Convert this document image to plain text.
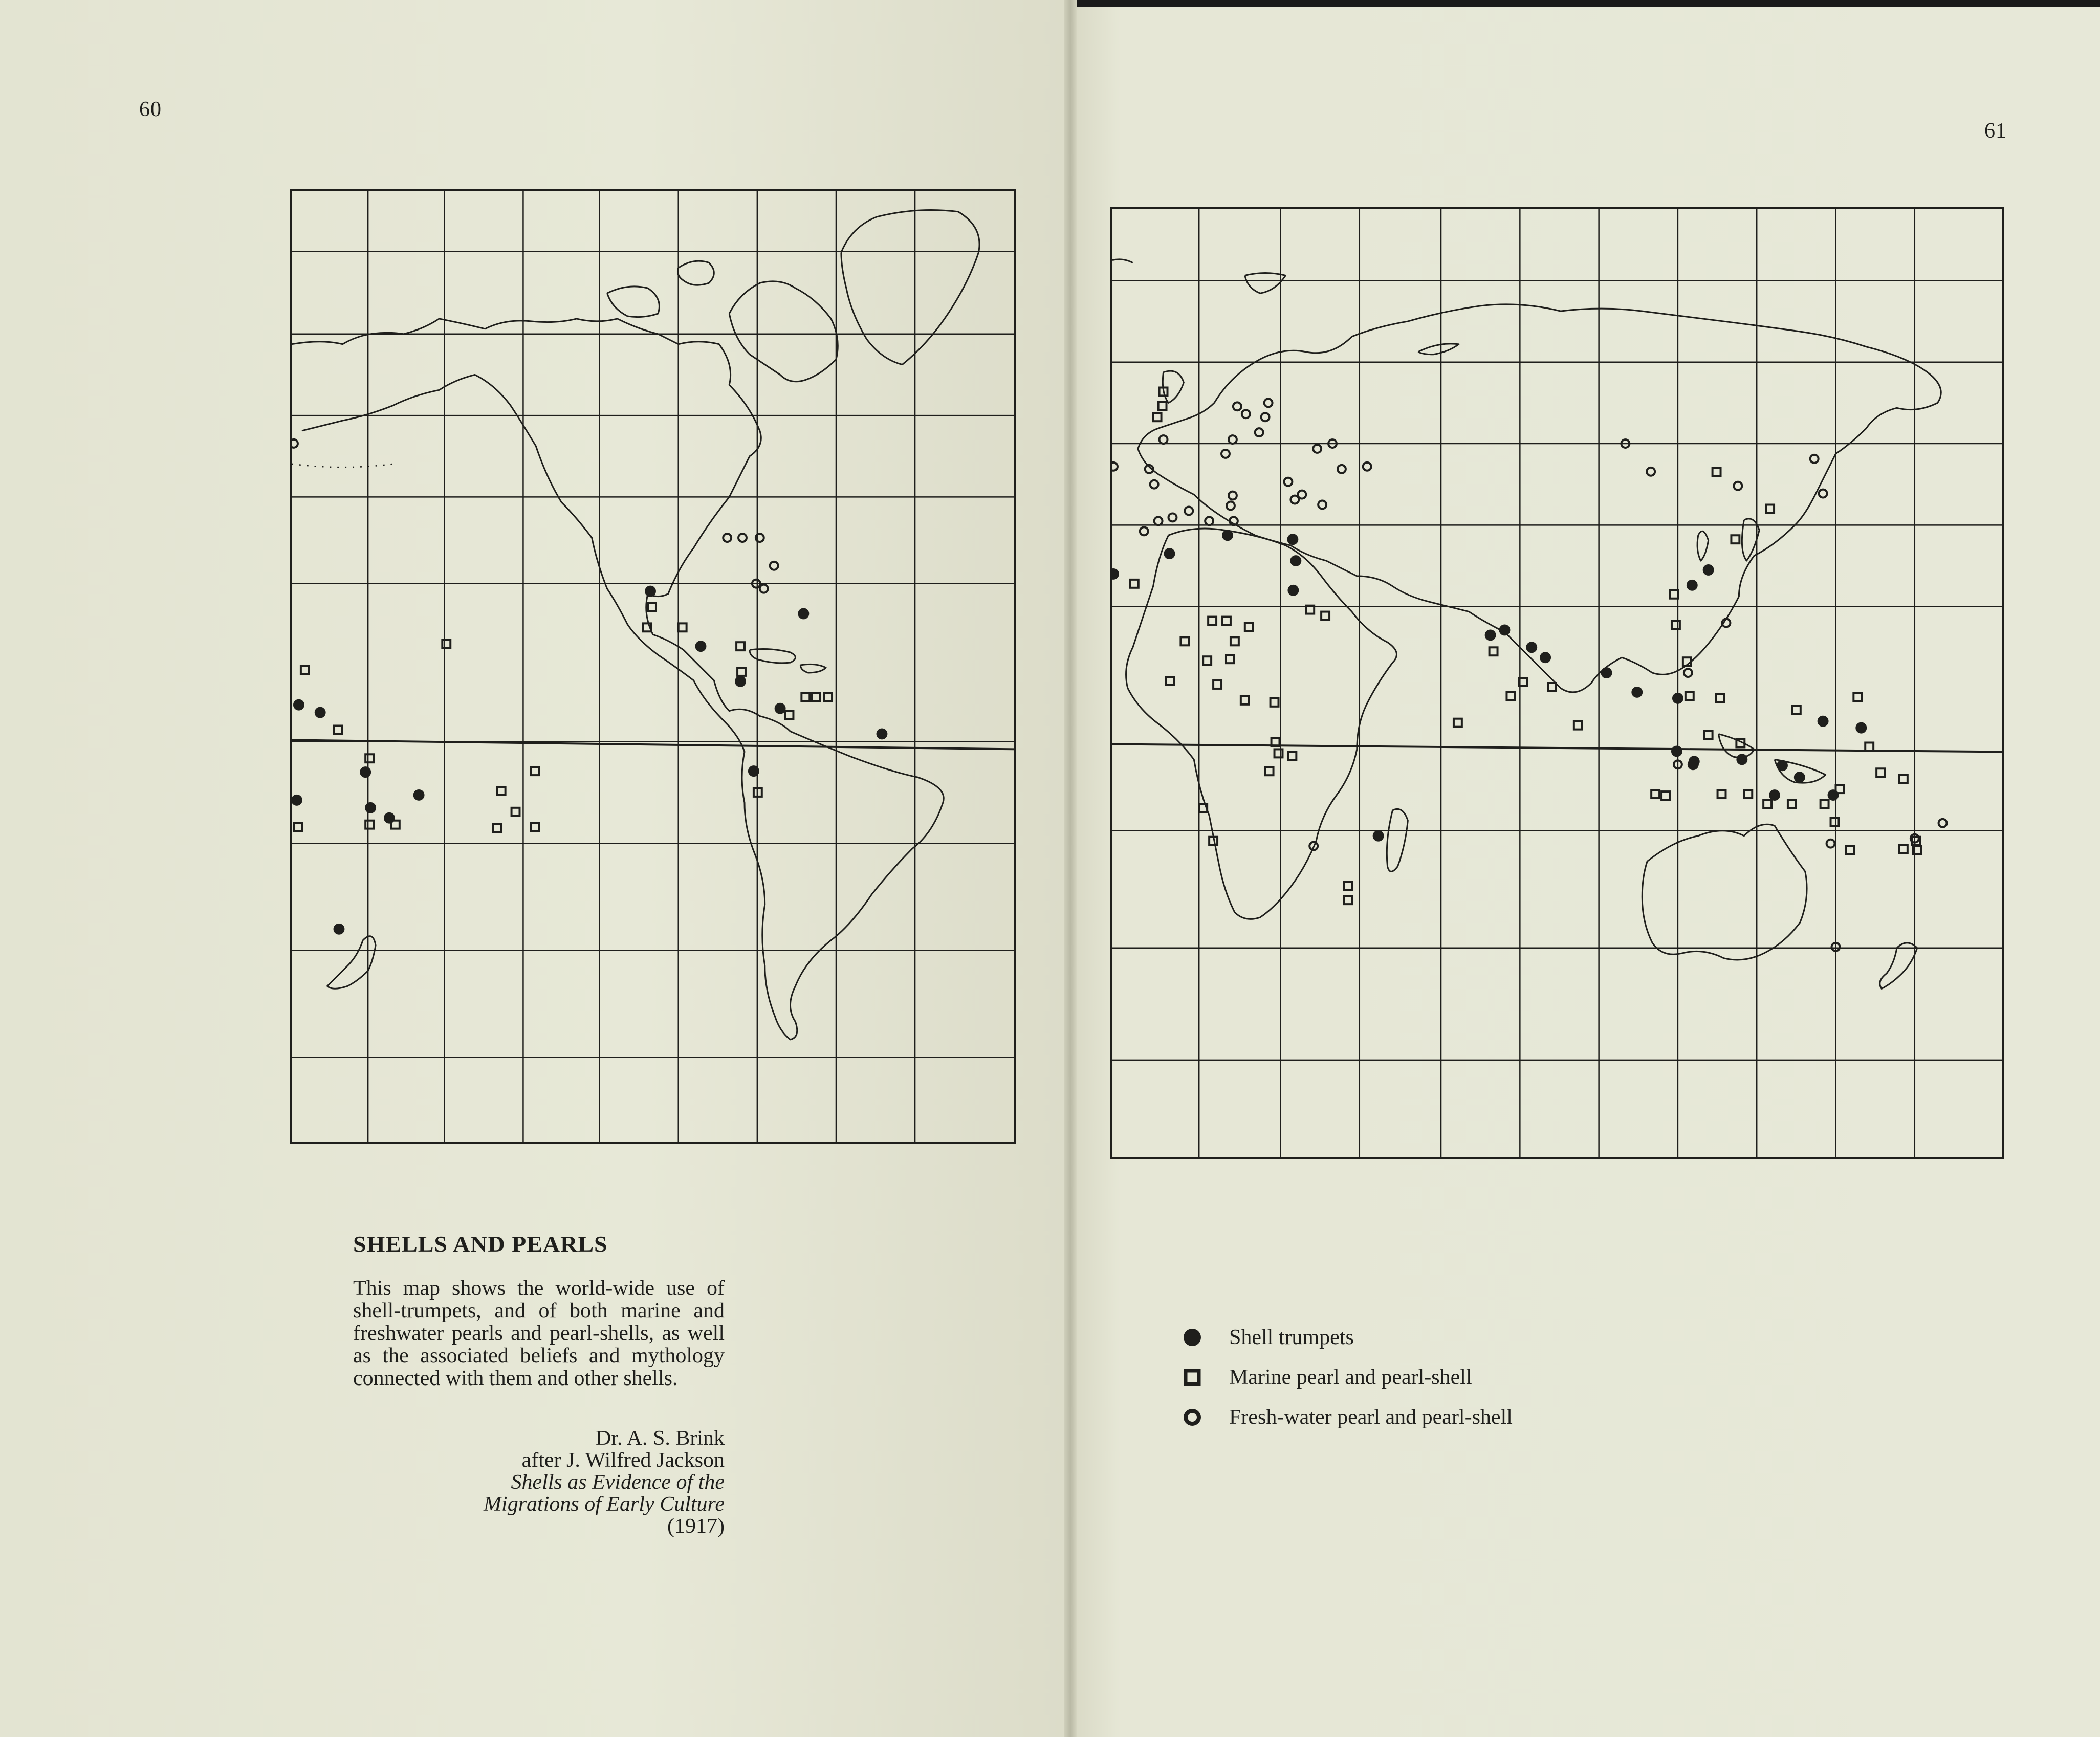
60
61
SHELLS AND PEARLS

This map shows the world-wide use of shell-trumpets, and of both marine and freshwater pearls and pearl-shells, as well as the associated beliefs and mythology connected with them and other shells.

Dr. A. S. Brink
after J. Wilfred Jackson
Shells as Evidence of the
Migrations of Early Culture
(1917)
Shell trumpets
Marine pearl and pearl-shell
Fresh-water pearl and pearl-shell
